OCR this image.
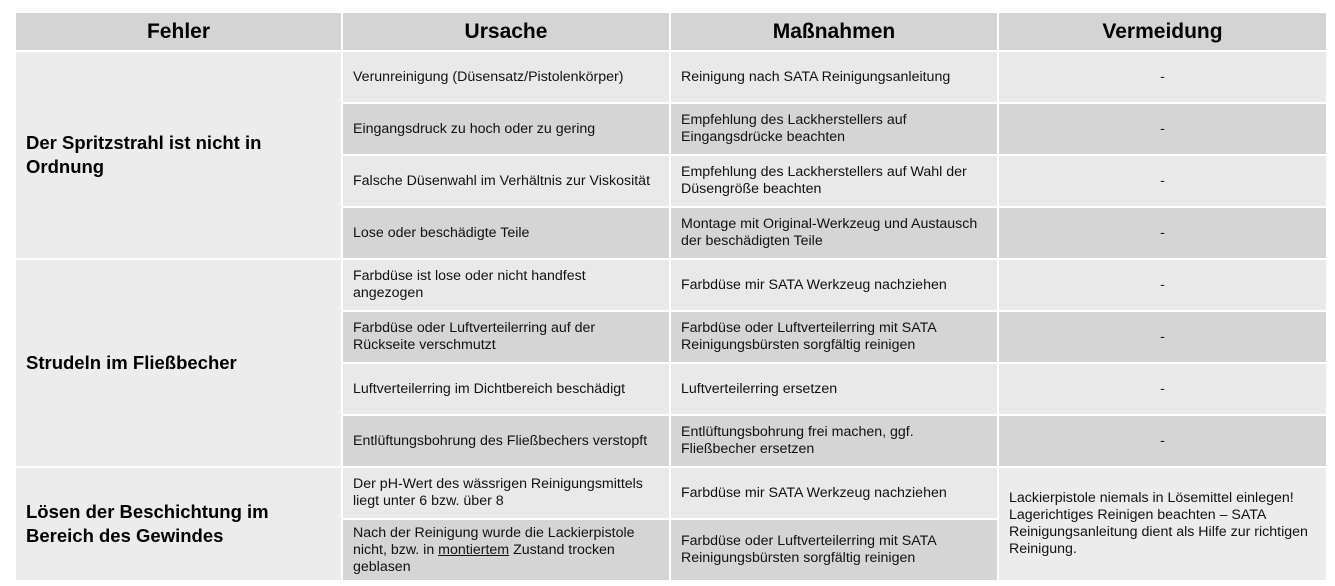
Fehler	Ursache	Maßnahmen	Vermeidung
Der Spritzstrahl ist nicht in Ordnung	Verunreinigung (Düsensatz/Pistolenkörper)	Reinigung nach SATA Reinigungsanleitung	-
	Eingangsdruck zu hoch oder zu gering	Empfehlung des Lackherstellers auf Eingangsdrücke beachten	-
	Falsche Düsenwahl im Verhältnis zur Viskosität	Empfehlung des Lackherstellers auf Wahl der Düsengröße beachten	-
	Lose oder beschädigte Teile	Montage mit Original-Werkzeug und Austausch der beschädigten Teile	-
Strudeln im Fließbecher	Farbdüse ist lose oder nicht handfest angezogen	Farbdüse mir SATA Werkzeug nachziehen	-
	Farbdüse oder Luftverteilerring auf der Rückseite verschmutzt	Farbdüse oder Luftverteilerring mit SATA Reinigungsbürsten sorgfältig reinigen	-
	Luftverteilerring im Dichtbereich beschädigt	Luftverteilerring ersetzen	-
	Entlüftungsbohrung des Fließbechers verstopft	Entlüftungsbohrung frei machen, ggf. Fließbecher ersetzen	-
Lösen der Beschichtung im Bereich des Gewindes	Der pH-Wert des wässrigen Reinigungsmittels liegt unter 6 bzw. über 8	Farbdüse mir SATA Werkzeug nachziehen	Lackierpistole niemals in Lösemittel einlegen! Lagerichtiges Reinigen beachten – SATA Reinigungsanleitung dient als Hilfe zur richtigen Reinigung.
	Nach der Reinigung wurde die Lackierpistole nicht, bzw. in montiertem Zustand trocken geblasen	Farbdüse oder Luftverteilerring mit SATA Reinigungsbürsten sorgfältig reinigen	
